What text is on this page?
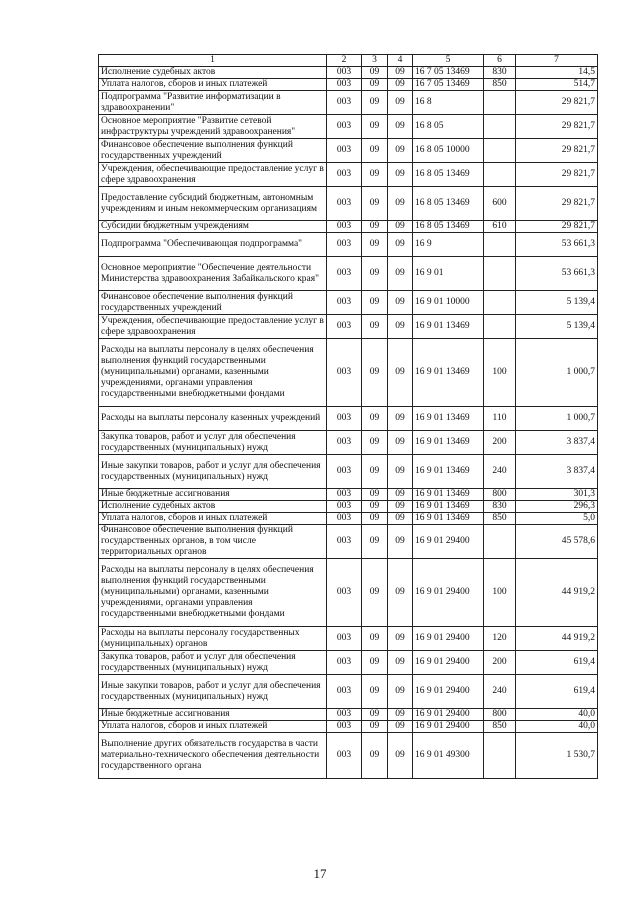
1	2	3	4	5	6	7
Исполнение судебных актов	003	09	09	16 7 05 13469	830	14,5
Уплата налогов, сборов и иных платежей	003	09	09	16 7 05 13469	850	514,7
Подпрограмма "Развитие информатизации в здравоохранении"	003	09	09	16 8		29 821,7
Основное мероприятие "Развитие сетевой инфраструктуры учреждений здравоохранения"	003	09	09	16 8 05		29 821,7
Финансовое обеспечение выполнения функций государственных учреждений	003	09	09	16 8 05 10000		29 821,7
Учреждения, обеспечивающие предоставление услуг в сфере здравоохранения	003	09	09	16 8 05 13469		29 821,7
Предоставление субсидий бюджетным, автономным учреждениям и иным некоммерческим организациям	003	09	09	16 8 05 13469	600	29 821,7
Субсидии бюджетным учреждениям	003	09	09	16 8 05 13469	610	29 821,7
Подпрограмма "Обеспечивающая подпрограмма"	003	09	09	16 9		53 661,3
Основное мероприятие "Обеспечение деятельности Министерства здравоохранения Забайкальского края"	003	09	09	16 9 01		53 661,3
Финансовое обеспечение выполнения функций государственных учреждений	003	09	09	16 9 01 10000		5 139,4
Учреждения, обеспечивающие предоставление услуг в сфере здравоохранения	003	09	09	16 9 01 13469		5 139,4
Расходы на выплаты персоналу в целях обеспечения выполнения функций государственными (муниципальными) органами, казенными учреждениями, органами управления государственными внебюджетными фондами	003	09	09	16 9 01 13469	100	1 000,7
Расходы на выплаты персоналу казенных учреждений	003	09	09	16 9 01 13469	110	1 000,7
Закупка товаров, работ и услуг для обеспечения государственных (муниципальных) нужд	003	09	09	16 9 01 13469	200	3 837,4
Иные закупки товаров, работ и услуг для обеспечения государственных (муниципальных) нужд	003	09	09	16 9 01 13469	240	3 837,4
Иные бюджетные ассигнования	003	09	09	16 9 01 13469	800	301,3
Исполнение судебных актов	003	09	09	16 9 01 13469	830	296,3
Уплата налогов, сборов и иных платежей	003	09	09	16 9 01 13469	850	5,0
Финансовое обеспечение выполнения функций государственных органов, в том числе территориальных органов	003	09	09	16 9 01 29400		45 578,6
Расходы на выплаты персоналу в целях обеспечения выполнения функций государственными (муниципальными) органами, казенными учреждениями, органами управления государственными внебюджетными фондами	003	09	09	16 9 01 29400	100	44 919,2
Расходы на выплаты персоналу государственных (муниципальных) органов	003	09	09	16 9 01 29400	120	44 919,2
Закупка товаров, работ и услуг для обеспечения государственных (муниципальных) нужд	003	09	09	16 9 01 29400	200	619,4
Иные закупки товаров, работ и услуг для обеспечения государственных (муниципальных) нужд	003	09	09	16 9 01 29400	240	619,4
Иные бюджетные ассигнования	003	09	09	16 9 01 29400	800	40,0
Уплата налогов, сборов и иных платежей	003	09	09	16 9 01 29400	850	40,0
Выполнение других обязательств государства в части материально-технического обеспечения деятельности государственного органа	003	09	09	16 9 01 49300		1 530,7
17
